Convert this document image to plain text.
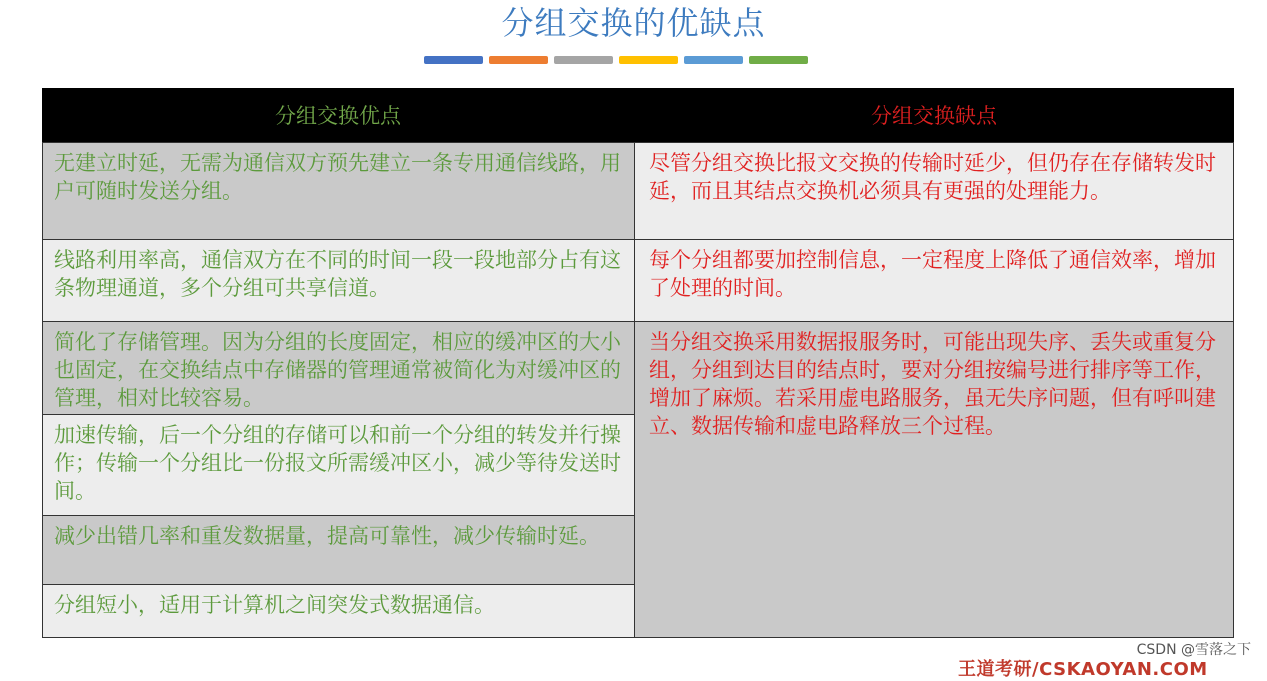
分组交换的优缺点
分组交换优点	分组交换缺点
无建立时延，无需为通信双方预先建立一条专用通信线路，用户可随时发送分组。
线路利用率高，通信双方在不同的时间一段一段地部分占有这条物理通道，多个分组可共享信道。
简化了存储管理。因为分组的长度固定，相应的缓冲区的大小也固定，在交换结点中存储器的管理通常被简化为对缓冲区的管理，相对比较容易。
加速传输，后一个分组的存储可以和前一个分组的转发并行操作；传输一个分组比一份报文所需缓冲区小，减少等待发送时间。
减少出错几率和重发数据量，提高可靠性，减少传输时延。
分组短小，适用于计算机之间突发式数据通信。
尽管分组交换比报文交换的传输时延少，但仍存在存储转发时延，而且其结点交换机必须具有更强的处理能力。
每个分组都要加控制信息，一定程度上降低了通信效率，增加了处理的时间。
当分组交换采用数据报服务时，可能出现失序、丢失或重复分组，分组到达目的结点时，要对分组按编号进行排序等工作，增加了麻烦。若采用虚电路服务，虽无失序问题，但有呼叫建立、数据传输和虚电路释放三个过程。
CSDN @雪落之下
王道考研/CSKAOYAN.COM
